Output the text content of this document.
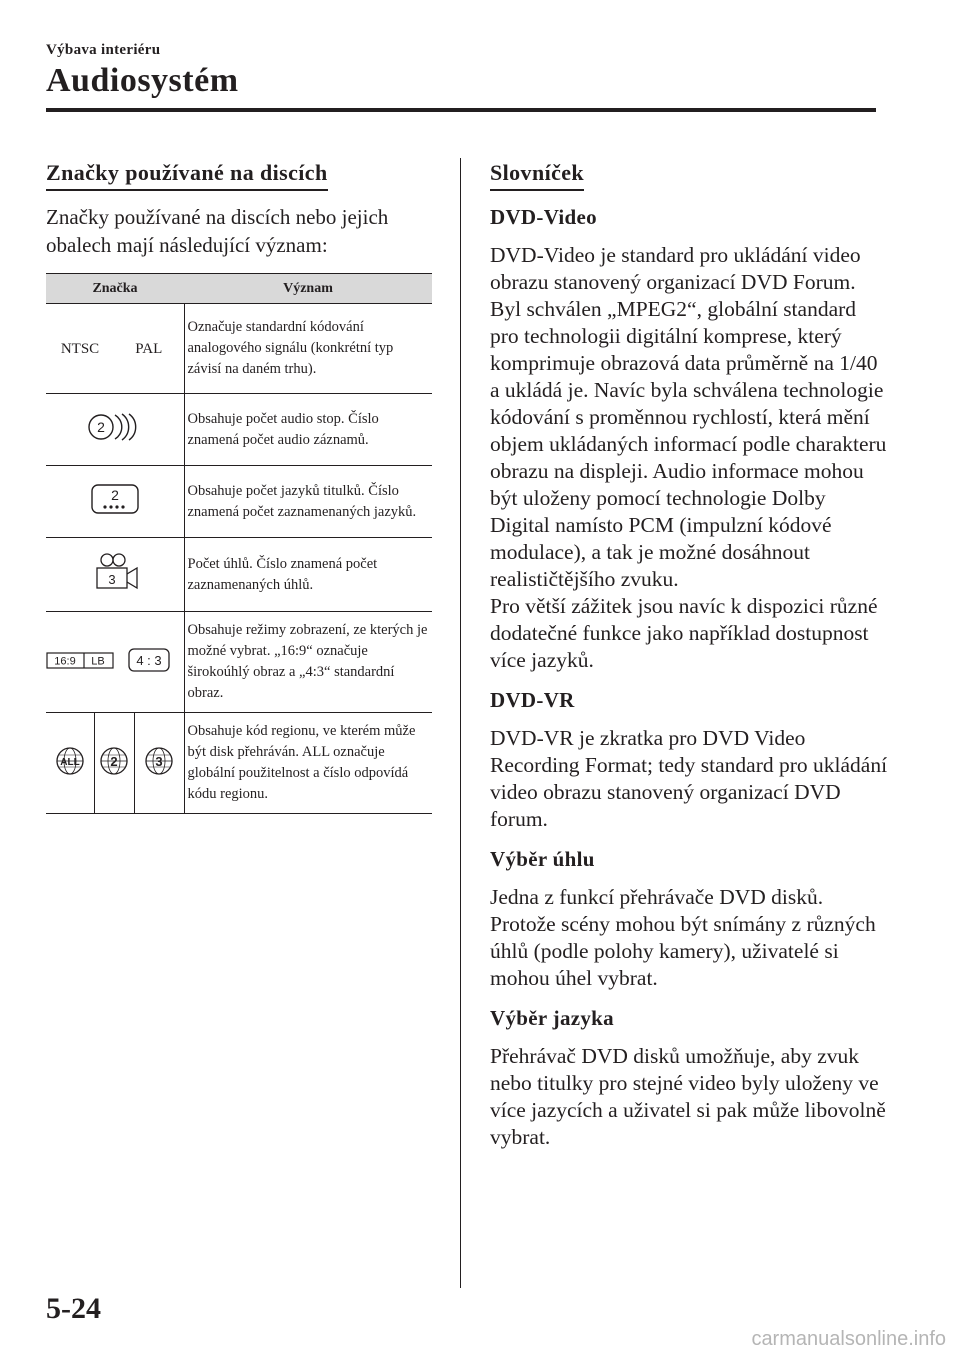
Výbava interiéru
Audiosystém
Značky používané na discích

Značky používané na discích nebo jejich obalech mají následující význam:

Značka				Význam
NTSC		PAL		Označuje standardní kódování analogového signálu (konkrétní typ závisí na daném trhu).

2				Obsahuje počet audio stop. Číslo znamená počet audio záznamů.

2				Obsahuje počet jazyků titulků. Číslo znamená počet zaznamenaných jazyků.

3				Počet úhlů. Číslo znamená počet zaznamenaných úhlů.

16:9 LB		4 : 3		Obsahuje režimy zobrazení, ze kterých je možné vybrat. „16:9“ označuje širokoúhlý obraz a „4:3“ standardní obraz.

ALL	2		3	Obsahuje kód regionu, ve kterém může být disk přehráván. ALL označuje globální použitelnost a číslo odpovídá kódu regionu.
Slovníček
DVD-Video

DVD-Video je standard pro ukládání video obrazu stanovený organizací DVD Forum. Byl schválen „MPEG2“, globální standard pro technologii digitální komprese, který komprimuje obrazová data průměrně na 1/40 a ukládá je. Navíc byla schválena technologie kódování s proměnnou rychlostí, která mění objem ukládaných informací podle charakteru obrazu na displeji. Audio informace mohou být uloženy pomocí technologie Dolby Digital namísto PCM (impulzní kódové modulace), a tak je možné dosáhnout realističtějšího zvuku.

Pro větší zážitek jsou navíc k dispozici různé dodatečné funkce jako například dostupnost více jazyků.

DVD-VR

DVD-VR je zkratka pro DVD Video Recording Format; tedy standard pro ukládání video obrazu stanovený organizací DVD forum.

Výběr úhlu

Jedna z funkcí přehrávače DVD disků. Protože scény mohou být snímány z různých úhlů (podle polohy kamery), uživatelé si mohou úhel vybrat.

Výběr jazyka

Přehrávač DVD disků umožňuje, aby zvuk nebo titulky pro stejné video byly uloženy ve více jazycích a uživatel si pak může libovolně vybrat.

5-24
carmanualsonline.info
